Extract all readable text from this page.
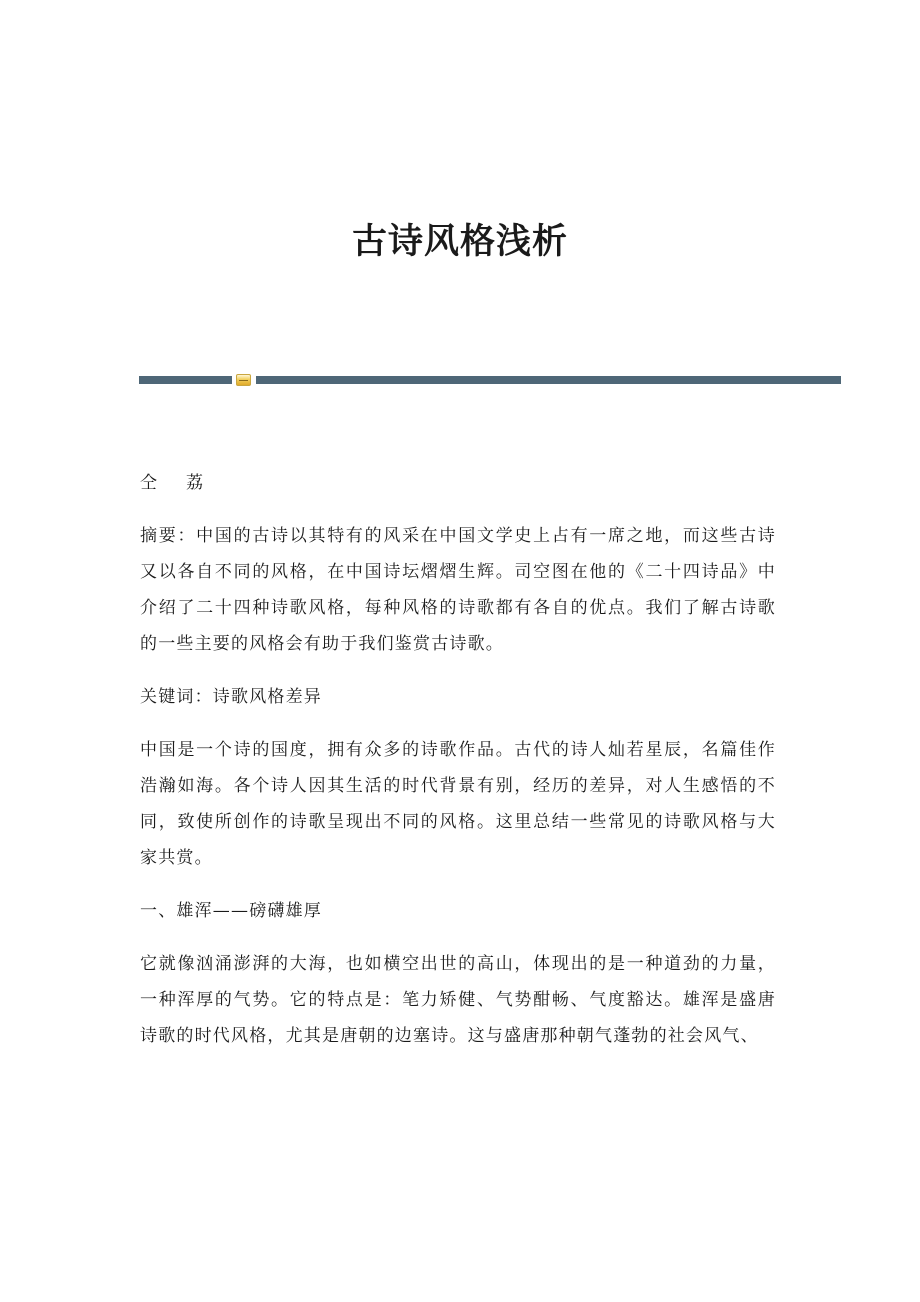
古诗风格浅析

仝　荔

摘要：中国的古诗以其特有的风采在中国文学史上占有一席之地，而这些古诗又以各自不同的风格，在中国诗坛熠熠生辉。司空图在他的《二十四诗品》中介绍了二十四种诗歌风格，每种风格的诗歌都有各自的优点。我们了解古诗歌的一些主要的风格会有助于我们鉴赏古诗歌。

关键词：诗歌风格差异

中国是一个诗的国度，拥有众多的诗歌作品。古代的诗人灿若星辰，名篇佳作浩瀚如海。各个诗人因其生活的时代背景有别，经历的差异，对人生感悟的不同，致使所创作的诗歌呈现出不同的风格。这里总结一些常见的诗歌风格与大家共赏。

一、雄浑——磅礴雄厚

它就像汹涌澎湃的大海，也如横空出世的高山，体现出的是一种道劲的力量，一种浑厚的气势。它的特点是：笔力矫健、气势酣畅、气度豁达。雄浑是盛唐诗歌的时代风格，尤其是唐朝的边塞诗。这与盛唐那种朝气蓬勃的社会风气、
